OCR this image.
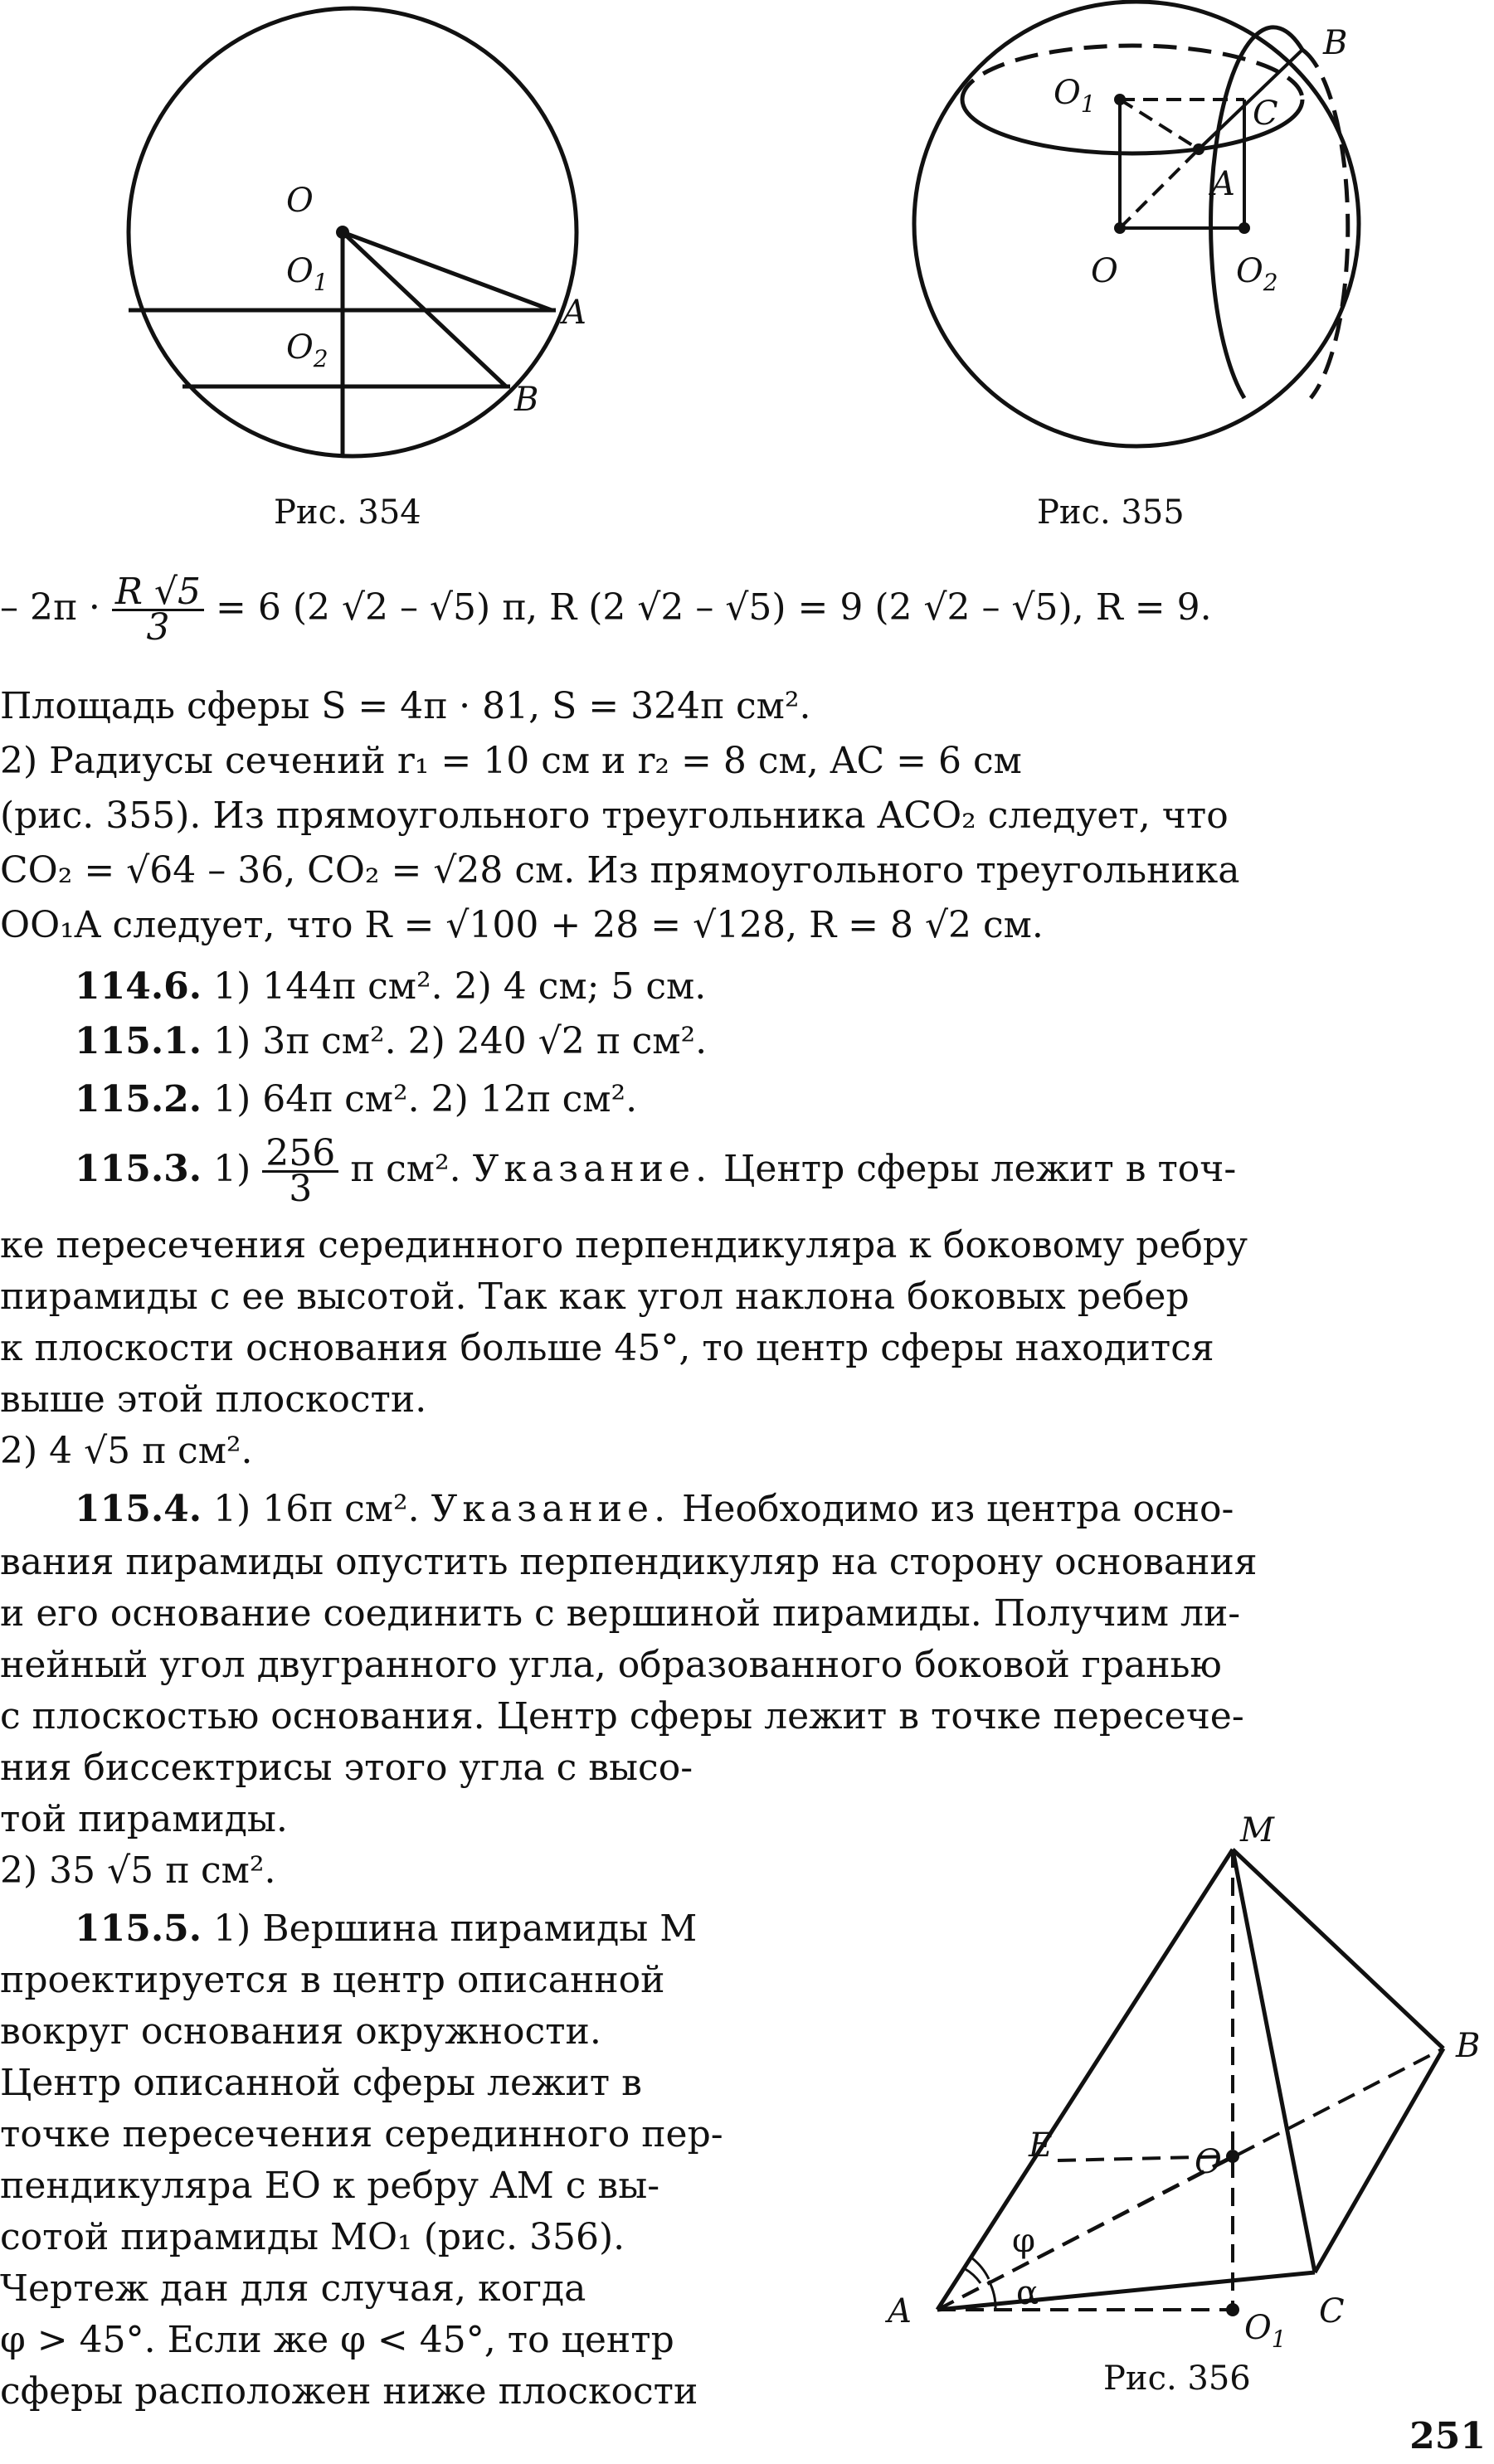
O
$O_1$
$O_2$
A
B
Рис. 354
B
$O_1$	C
A
O	$O_2$
Рис. 355
– $2\pi \cdot \frac{R √5}{3} = 6$ (2 √2 – √5) π, R (2 √2 – √5) = 9 (2 √2 – √5), R = 9.
Площадь сферы S = 4π · 81, S = 324π см².
2) Радиусы сечений r₁ = 10 см и r₂ = 8 см, AC = 6 см
(рис. 355). Из прямоугольного треугольника ACO₂ следует, что
CO₂ = √64 – 36, CO₂ = √28 см. Из прямоугольного треугольника
OO₁A следует, что R = √100 + 28 = √128, R = 8 √2 см.
114.6. 1) 144π см². 2) 4 см; 5 см.
115.1. 1) 3π см². 2) 240 √2 π см².
115.2. 1) 64π см². 2) 12π см².
115.3. $1) \frac{256}{3}$ π см². Указание. Центр сферы лежит в точ-
ке пересечения серединного перпендикуляра к боковому ребру
пирамиды с ее высотой. Так как угол наклона боковых ребер
к плоскости основания больше 45°, то центр сферы находится
выше этой плоскости.
2) 4 √5 π см².
115.4. 1) 16π см². Указание. Необходимо из центра осно-
вания пирамиды опустить перпендикуляр на сторону основания
и его основание соединить с вершиной пирамиды. Получим ли-
нейный угол двугранного угла, образованного боковой гранью
с плоскостью основания. Центр сферы лежит в точке пересече-
ния биссектрисы этого угла с высо-
той пирамиды.
2) 35 √5 π см².
115.5. 1) Вершина пирамиды M
проектируется в центр описанной
вокруг основания окружности.
Центр описанной сферы лежит в
точке пересечения серединного пер-
пендикуляра EO к ребру AM с вы-
сотой пирамиды MO₁ (рис. 356).
Чертеж дан для случая, когда
φ > 45°. Если же φ < 45°, то центр
сферы расположен ниже плоскости
M
E
B
O
φ
α
A	$O_1$
C
Рис. 356
251
